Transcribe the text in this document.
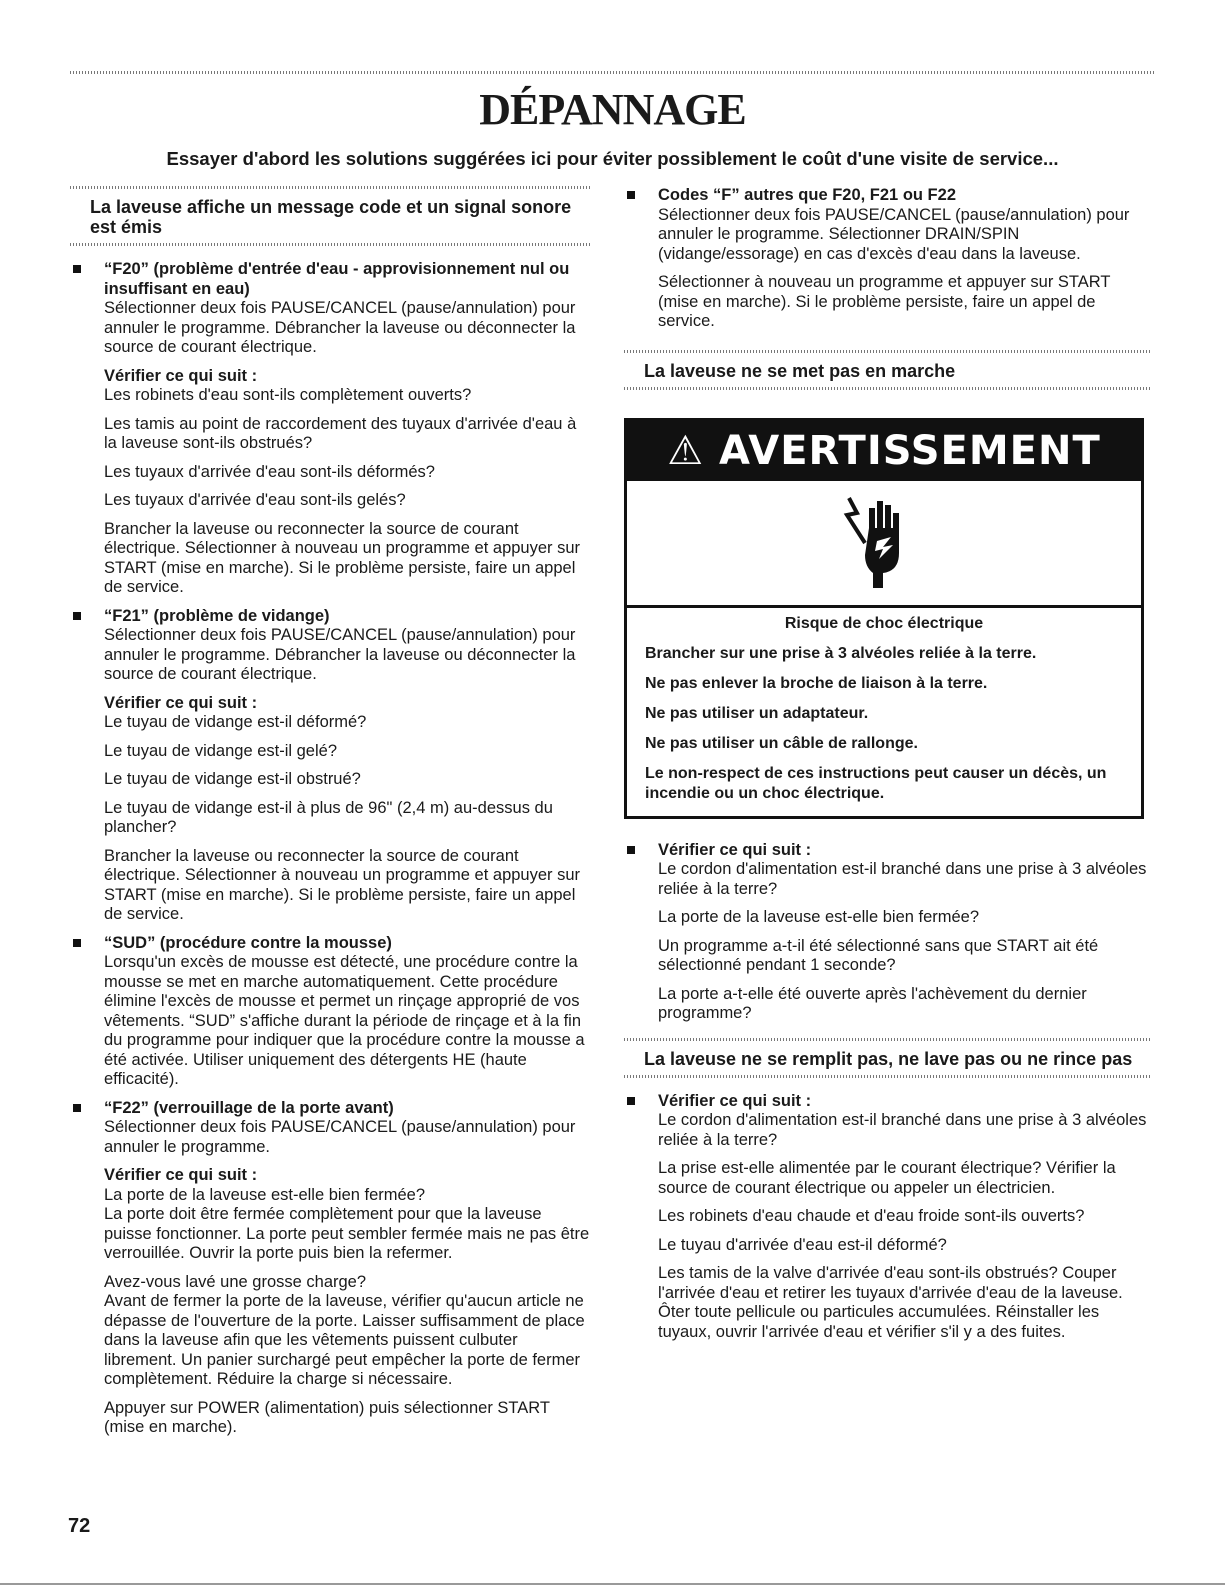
DÉPANNAGE
Essayer d'abord les solutions suggérées ici pour éviter possiblement le coût d'une visite de service...
La laveuse affiche un message code et un signal sonore est émis
“F20” (problème d'entrée d'eau - approvisionnement nul ou insuffisant en eau)

Sélectionner deux fois PAUSE/CANCEL (pause/annulation) pour annuler le programme. Débrancher la laveuse ou déconnecter la source de courant électrique.

Vérifier ce qui suit :

Les robinets d'eau sont-ils complètement ouverts?

Les tamis au point de raccordement des tuyaux d'arrivée d'eau à la laveuse sont-ils obstrués?

Les tuyaux d'arrivée d'eau sont-ils déformés?

Les tuyaux d'arrivée d'eau sont-ils gelés?

Brancher la laveuse ou reconnecter la source de courant électrique. Sélectionner à nouveau un programme et appuyer sur START (mise en marche). Si le problème persiste, faire un appel de service.

“F21” (problème de vidange)

Sélectionner deux fois PAUSE/CANCEL (pause/annulation) pour annuler le programme. Débrancher la laveuse ou déconnecter la source de courant électrique.

Vérifier ce qui suit :

Le tuyau de vidange est-il déformé?

Le tuyau de vidange est-il gelé?

Le tuyau de vidange est-il obstrué?

Le tuyau de vidange est-il à plus de 96" (2,4 m) au-dessus du plancher?

Brancher la laveuse ou reconnecter la source de courant électrique. Sélectionner à nouveau un programme et appuyer sur START (mise en marche). Si le problème persiste, faire un appel de service.

“SUD” (procédure contre la mousse)

Lorsqu'un excès de mousse est détecté, une procédure contre la mousse se met en marche automatiquement. Cette procédure élimine l'excès de mousse et permet un rinçage approprié de vos vêtements. “SUD” s'affiche durant la période de rinçage et à la fin du programme pour indiquer que la procédure contre la mousse a été activée. Utiliser uniquement des détergents HE (haute efficacité).

“F22” (verrouillage de la porte avant)

Sélectionner deux fois PAUSE/CANCEL (pause/annulation) pour annuler le programme.

Vérifier ce qui suit :

La porte de la laveuse est-elle bien fermée?

La porte doit être fermée complètement pour que la laveuse puisse fonctionner. La porte peut sembler fermée mais ne pas être verrouillée. Ouvrir la porte puis bien la refermer.

Avez-vous lavé une grosse charge?

Avant de fermer la porte de la laveuse, vérifier qu'aucun article ne dépasse de l'ouverture de la porte. Laisser suffisamment de place dans la laveuse afin que les vêtements puissent culbuter librement. Un panier surchargé peut empêcher la porte de fermer complètement. Réduire la charge si nécessaire.

Appuyer sur POWER (alimentation) puis sélectionner START (mise en marche).

Codes “F” autres que F20, F21 ou F22

Sélectionner deux fois PAUSE/CANCEL (pause/annulation) pour annuler le programme. Sélectionner DRAIN/SPIN (vidange/essorage) en cas d'excès d'eau dans la laveuse.

Sélectionner à nouveau un programme et appuyer sur START (mise en marche). Si le problème persiste, faire un appel de service.

La laveuse ne se met pas en marche
⚠ AVERTISSEMENT

Risque de choc électrique

Brancher sur une prise à 3 alvéoles reliée à la terre.

Ne pas enlever la broche de liaison à la terre.

Ne pas utiliser un adaptateur.

Ne pas utiliser un câble de rallonge.

Le non-respect de ces instructions peut causer un décès, un incendie ou un choc électrique.

Vérifier ce qui suit :

Le cordon d'alimentation est-il branché dans une prise à 3 alvéoles reliée à la terre?

La porte de la laveuse est-elle bien fermée?

Un programme a-t-il été sélectionné sans que START ait été sélectionné pendant 1 seconde?

La porte a-t-elle été ouverte après l'achèvement du dernier programme?

La laveuse ne se remplit pas, ne lave pas ou ne rince pas
Vérifier ce qui suit :

Le cordon d'alimentation est-il branché dans une prise à 3 alvéoles reliée à la terre?

La prise est-elle alimentée par le courant électrique? Vérifier la source de courant électrique ou appeler un électricien.

Les robinets d'eau chaude et d'eau froide sont-ils ouverts?

Le tuyau d'arrivée d'eau est-il déformé?

Les tamis de la valve d'arrivée d'eau sont-ils obstrués? Couper l'arrivée d'eau et retirer les tuyaux d'arrivée d'eau de la laveuse. Ôter toute pellicule ou particules accumulées. Réinstaller les tuyaux, ouvrir l'arrivée d'eau et vérifier s'il y a des fuites.

72
